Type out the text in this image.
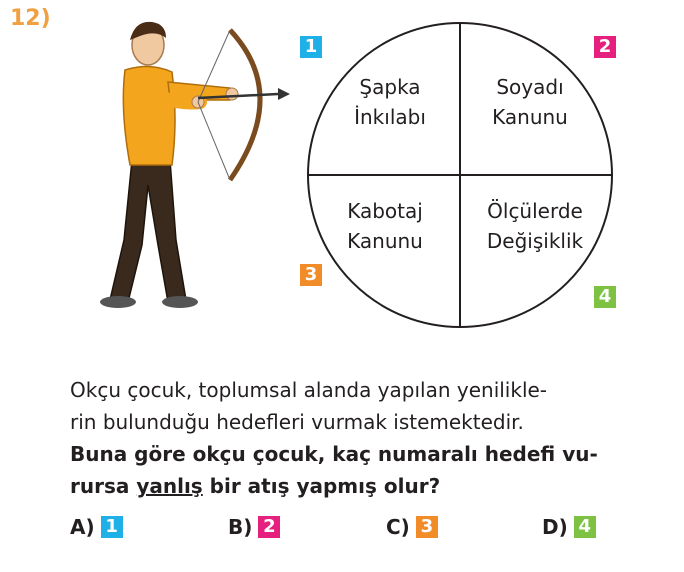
12)
1	2
3
4
Şapka
İnkılabı
Soyadı
Kanunu
Kabotaj
Kanunu
Ölçülerde
Değişiklik

Okçu çocuk, toplumsal alanda yapılan yenilikle-

rin bulunduğu hedefleri vurmak istemektedir.

Buna göre okçu çocuk, kaç numaralı hedefi vu-

rursa yanlış bir atış yapmış olur?

A) 1	B) 2	C) 3	D) 4
